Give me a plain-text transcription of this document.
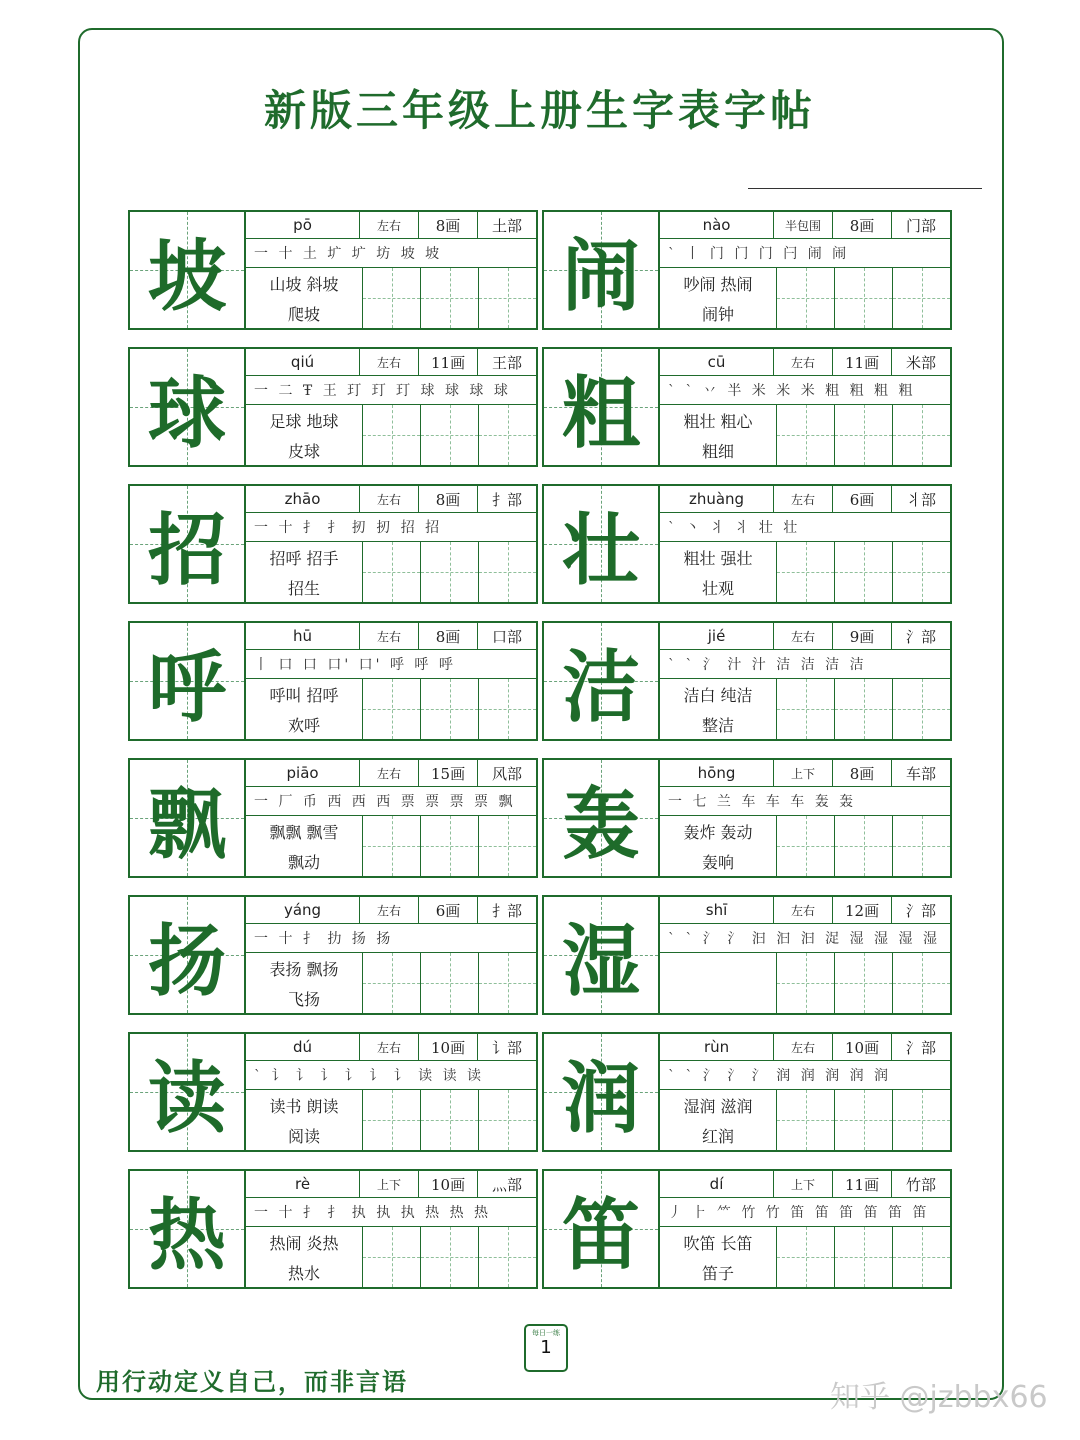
新版三年级上册生字表字帖
坡
pō	左右	8画	土部
一 十 土 圹 圹 坊 坡 坡
山坡 斜坡
爬坡
球
qiú	左右	11画	王部
一 二 Ŧ 王 玎 玎 玎 球 球 球 球
足球 地球
皮球
招
zhāo	左右	8画	扌部
一 十 扌 扌 扨 扨 招 招
招呼 招手
招生
呼
hū	左右	8画	口部
丨 口 口 口' 口' 呼 呼 呼
呼叫 招呼
欢呼
飘
piāo	左右	15画	风部
一 厂 币 西 西 西 票 票 票 票 飘
飘飘 飘雪
飘动
扬
yáng	左右	6画	扌部
一 十 扌 扐 扬 扬
表扬 飘扬
飞扬
读
dú	左右	10画	讠部
` 讠 讠 讠 讠 讠 讠 读 读 读
读书 朗读
阅读
热
rè	上下	10画	灬部
一 十 扌 扌 执 执 执 热 热 热
热闹 炎热
热水
闹
nào	半包围	8画	门部
` 丨 门 门 门 闩 闹 闹
吵闹 热闹
闹钟
粗
cū	左右	11画	米部
` ` 丷 半 米 米 米 粗 粗 粗 粗
粗壮 粗心
粗细
壮
zhuàng	左右	6画	丬部
` 丶 丬 丬 壮 壮
粗壮 强壮
壮观
洁
jié	左右	9画	氵部
` ` 氵 汁 汁 洁 洁 洁 洁
洁白 纯洁
整洁
轰
hōng	上下	8画	车部
一 七 兰 车 车 车 轰 轰
轰炸 轰动
轰响
湿
shī	左右	12画	氵部
` ` 氵 氵 汩 汩 汩 浞 湿 湿 湿 湿
润
rùn	左右	10画	氵部
` ` 氵 氵 氵 润 润 润 润 润
湿润 滋润
红润
笛
dí	上下	11画	竹部
丿 ⺊ ⺮ 竹 竹 笛 笛 笛 笛 笛 笛
吹笛 长笛
笛子
每日一练
1
用行动定义自己，而非言语	知乎 @jzbbx66
